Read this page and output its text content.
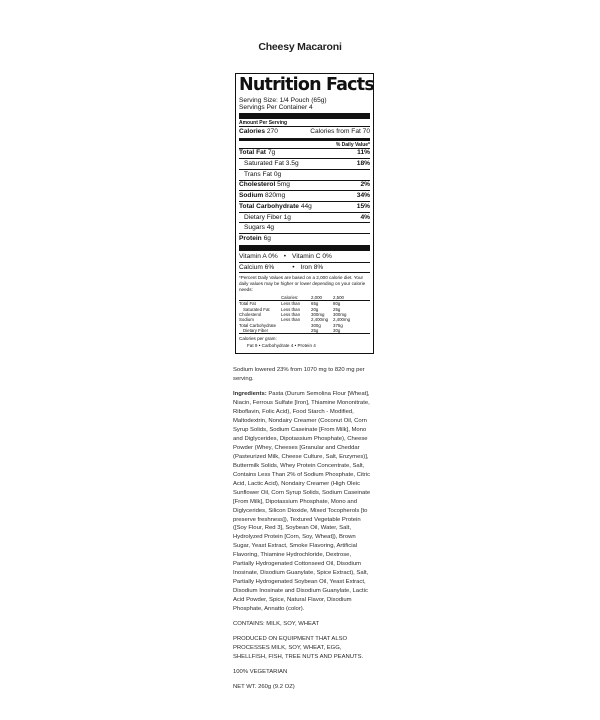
Cheesy Macaroni
Nutrition Facts
Serving Size: 1/4 Pouch (65g)
Servings Per Container 4
Amount Per Serving
Calories 270	Calories from Fat 70
% Daily Value*
Total Fat 7g	11%
Saturated Fat 3.5g	18%
Trans Fat 0g
Cholesterol 5mg	2%
Sodium 820mg	34%
Total Carbohydrate 44g	15%
Dietary Fiber 1g	4%
Sugars 4g
Protein 6g
Vitamin A 0% • Vitamin C 0%
Calcium 6%	• Iron 8%
*Percent Daily Values are based on a 2,000 calorie diet. Your daily values may be higher or lower depending on your calorie needs:
	Calories:	2,000	2,500
Total Fat	Less than	65g	80g
Saturated Fat	Less than	20g	25g
Cholesterol	Less than	300mg	300mg
Sodium	Less than	2,400mg	2,400mg
Total Carbohydrate		300g	375g
Dietary Fiber		25g	30g
Calories per gram:
Fat 9 • Carbohydrate 4 • Protein 4

Sodium lowered 23% from 1070 mg to 820 mg per serving.

Ingredients: Pasta (Durum Semolina Flour [Wheat], Niacin, Ferrous Sulfate [Iron], Thiamine Mononitrate, Riboflavin, Folic Acid), Food Starch - Modified, Maltodextrin, Nondairy Creamer (Coconut Oil, Corn Syrup Solids, Sodium Caseinate [From Milk], Mono and Diglycerides, Dipotassium Phosphate), Cheese Powder (Whey, Cheeses [Granular and Cheddar (Pasteurized Milk, Cheese Culture, Salt, Enzymes)], Buttermilk Solids, Whey Protein Concentrate, Salt, Contains Less Than 2% of Sodium Phosphate, Citric Acid, Lactic Acid), Nondairy Creamer (High Oleic Sunflower Oil, Corn Syrup Solids, Sodium Caseinate [From Milk], Dipotassium Phosphate, Mono and Diglycerides, Silicon Dioxide, Mixed Tocopherols [to preserve freshness]), Textured Vegetable Protein ([Soy Flour, Red 3], Soybean Oil, Water, Salt, Hydrolyzed Protein [Corn, Soy, Wheat]), Brown Sugar, Yeast Extract, Smoke Flavoring, Artificial Flavoring, Thiamine Hydrochloride, Dextrose, Partially Hydrogenated Cottonseed Oil, Disodium Inosinate, Disodium Guanylate, Spice Extract), Salt, Partially Hydrogenated Soybean Oil, Yeast Extract, Disodium Inosinate and Disodium Guanylate, Lactic Acid Powder, Spice, Natural Flavor, Disodium Phosphate, Annatto (color).

CONTAINS: MILK, SOY, WHEAT

PRODUCED ON EQUIPMENT THAT ALSO PROCESSES MILK, SOY, WHEAT, EGG, SHELLFISH, FISH, TREE NUTS AND PEANUTS.

100% VEGETARIAN

NET WT. 260g (9.2 OZ)
